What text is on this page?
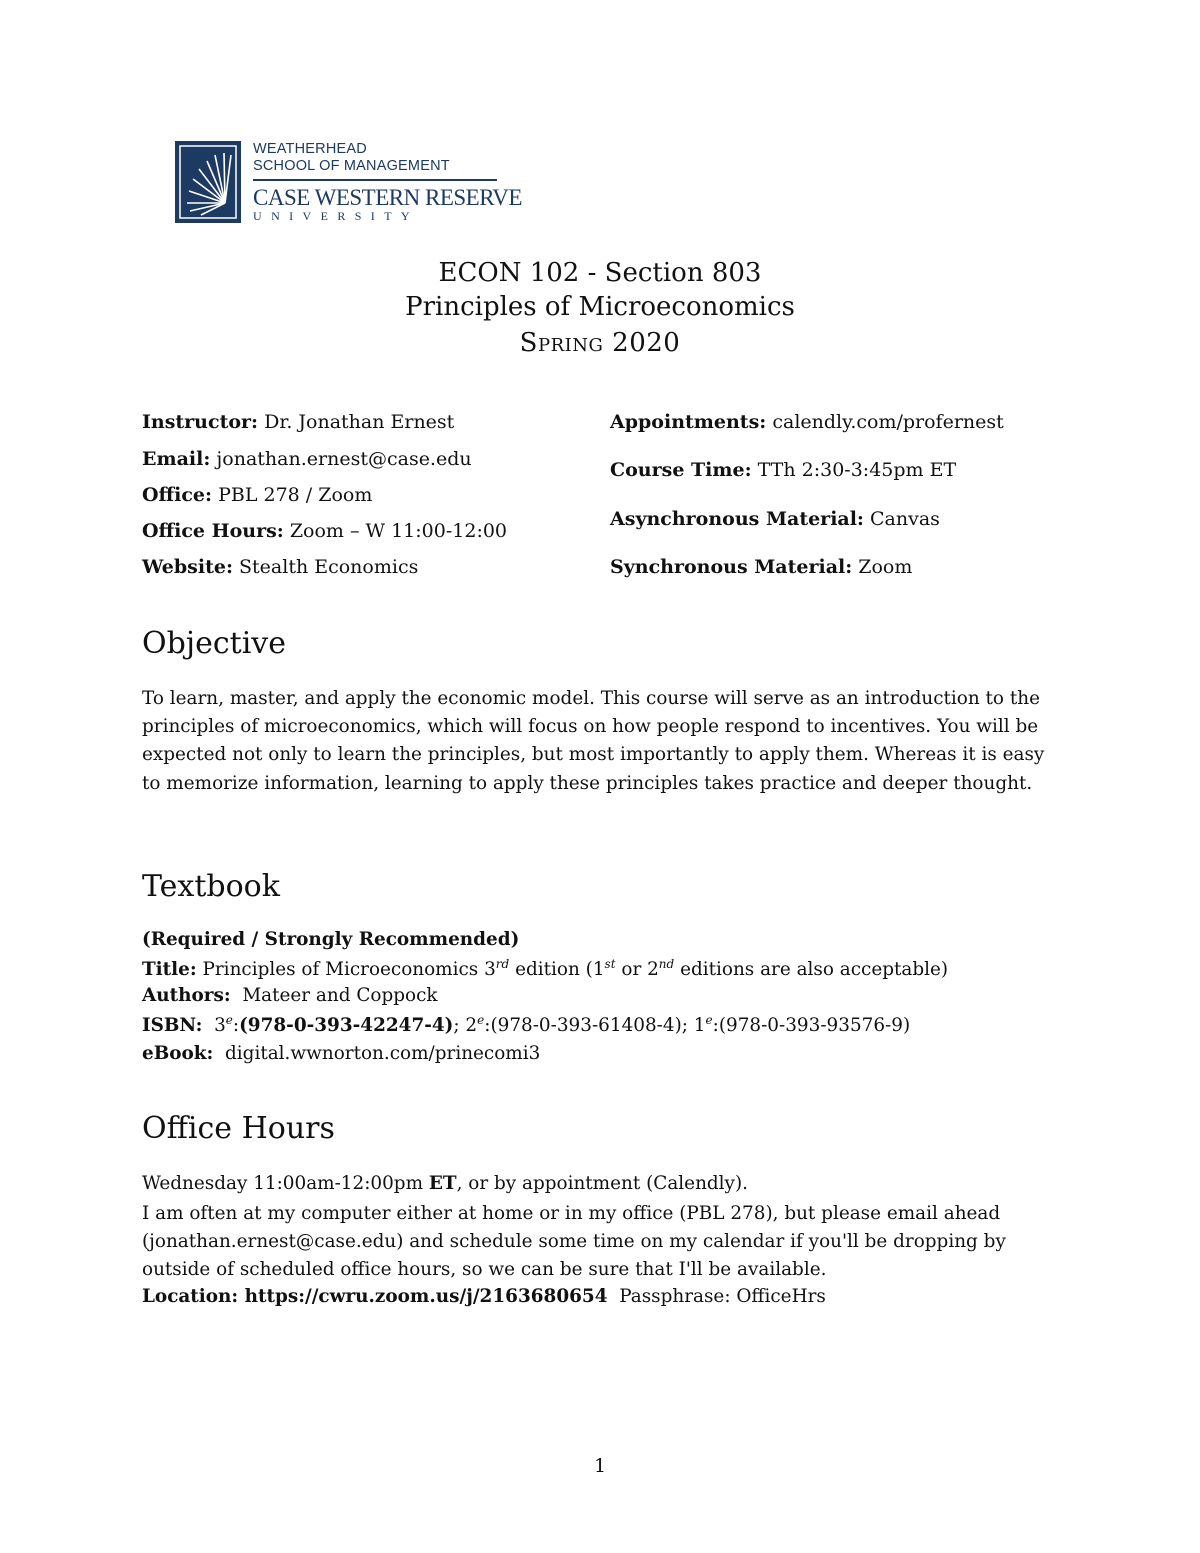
WEATHERHEAD
SCHOOL OF MANAGEMENT
CASE WESTERN RESERVE
UNIVERSITY
ECON 102 - Section 803
Principles of Microeconomics
Spring 2020
Instructor: Dr. Jonathan Ernest
Email: jonathan.ernest@case.edu
Office: PBL 278 / Zoom
Office Hours: Zoom – W 11:00-12:00
Website: Stealth Economics
Appointments: calendly.com/profernest
Course Time: TTh 2:30-3:45pm ET
Asynchronous Material: Canvas
Synchronous Material: Zoom
Objective

To learn, master, and apply the economic model. This course will serve as an introduction to the principles of microeconomics, which will focus on how people respond to incentives. You will be expected not only to learn the principles, but most importantly to apply them. Whereas it is easy to memorize information, learning to apply these principles takes practice and deeper thought.

Textbook
(Required / Strongly Recommended)
Title: Principles of Microeconomics 3rd edition (1st or 2nd editions are also acceptable)
Authors: Mateer and Coppock
ISBN: 3e:(978-0-393-42247-4); 2e:(978-0-393-61408-4); 1e:(978-0-393-93576-9)
eBook: digital.wwnorton.com/prinecomi3
Office Hours
Wednesday 11:00am-12:00pm ET, or by appointment (Calendly).

I am often at my computer either at home or in my office (PBL 278), but please email ahead (jonathan.ernest@case.edu) and schedule some time on my calendar if you'll be dropping by outside of scheduled office hours, so we can be sure that I'll be available.

Location: https://cwru.zoom.us/j/2163680654 Passphrase: OfficeHrs
1
